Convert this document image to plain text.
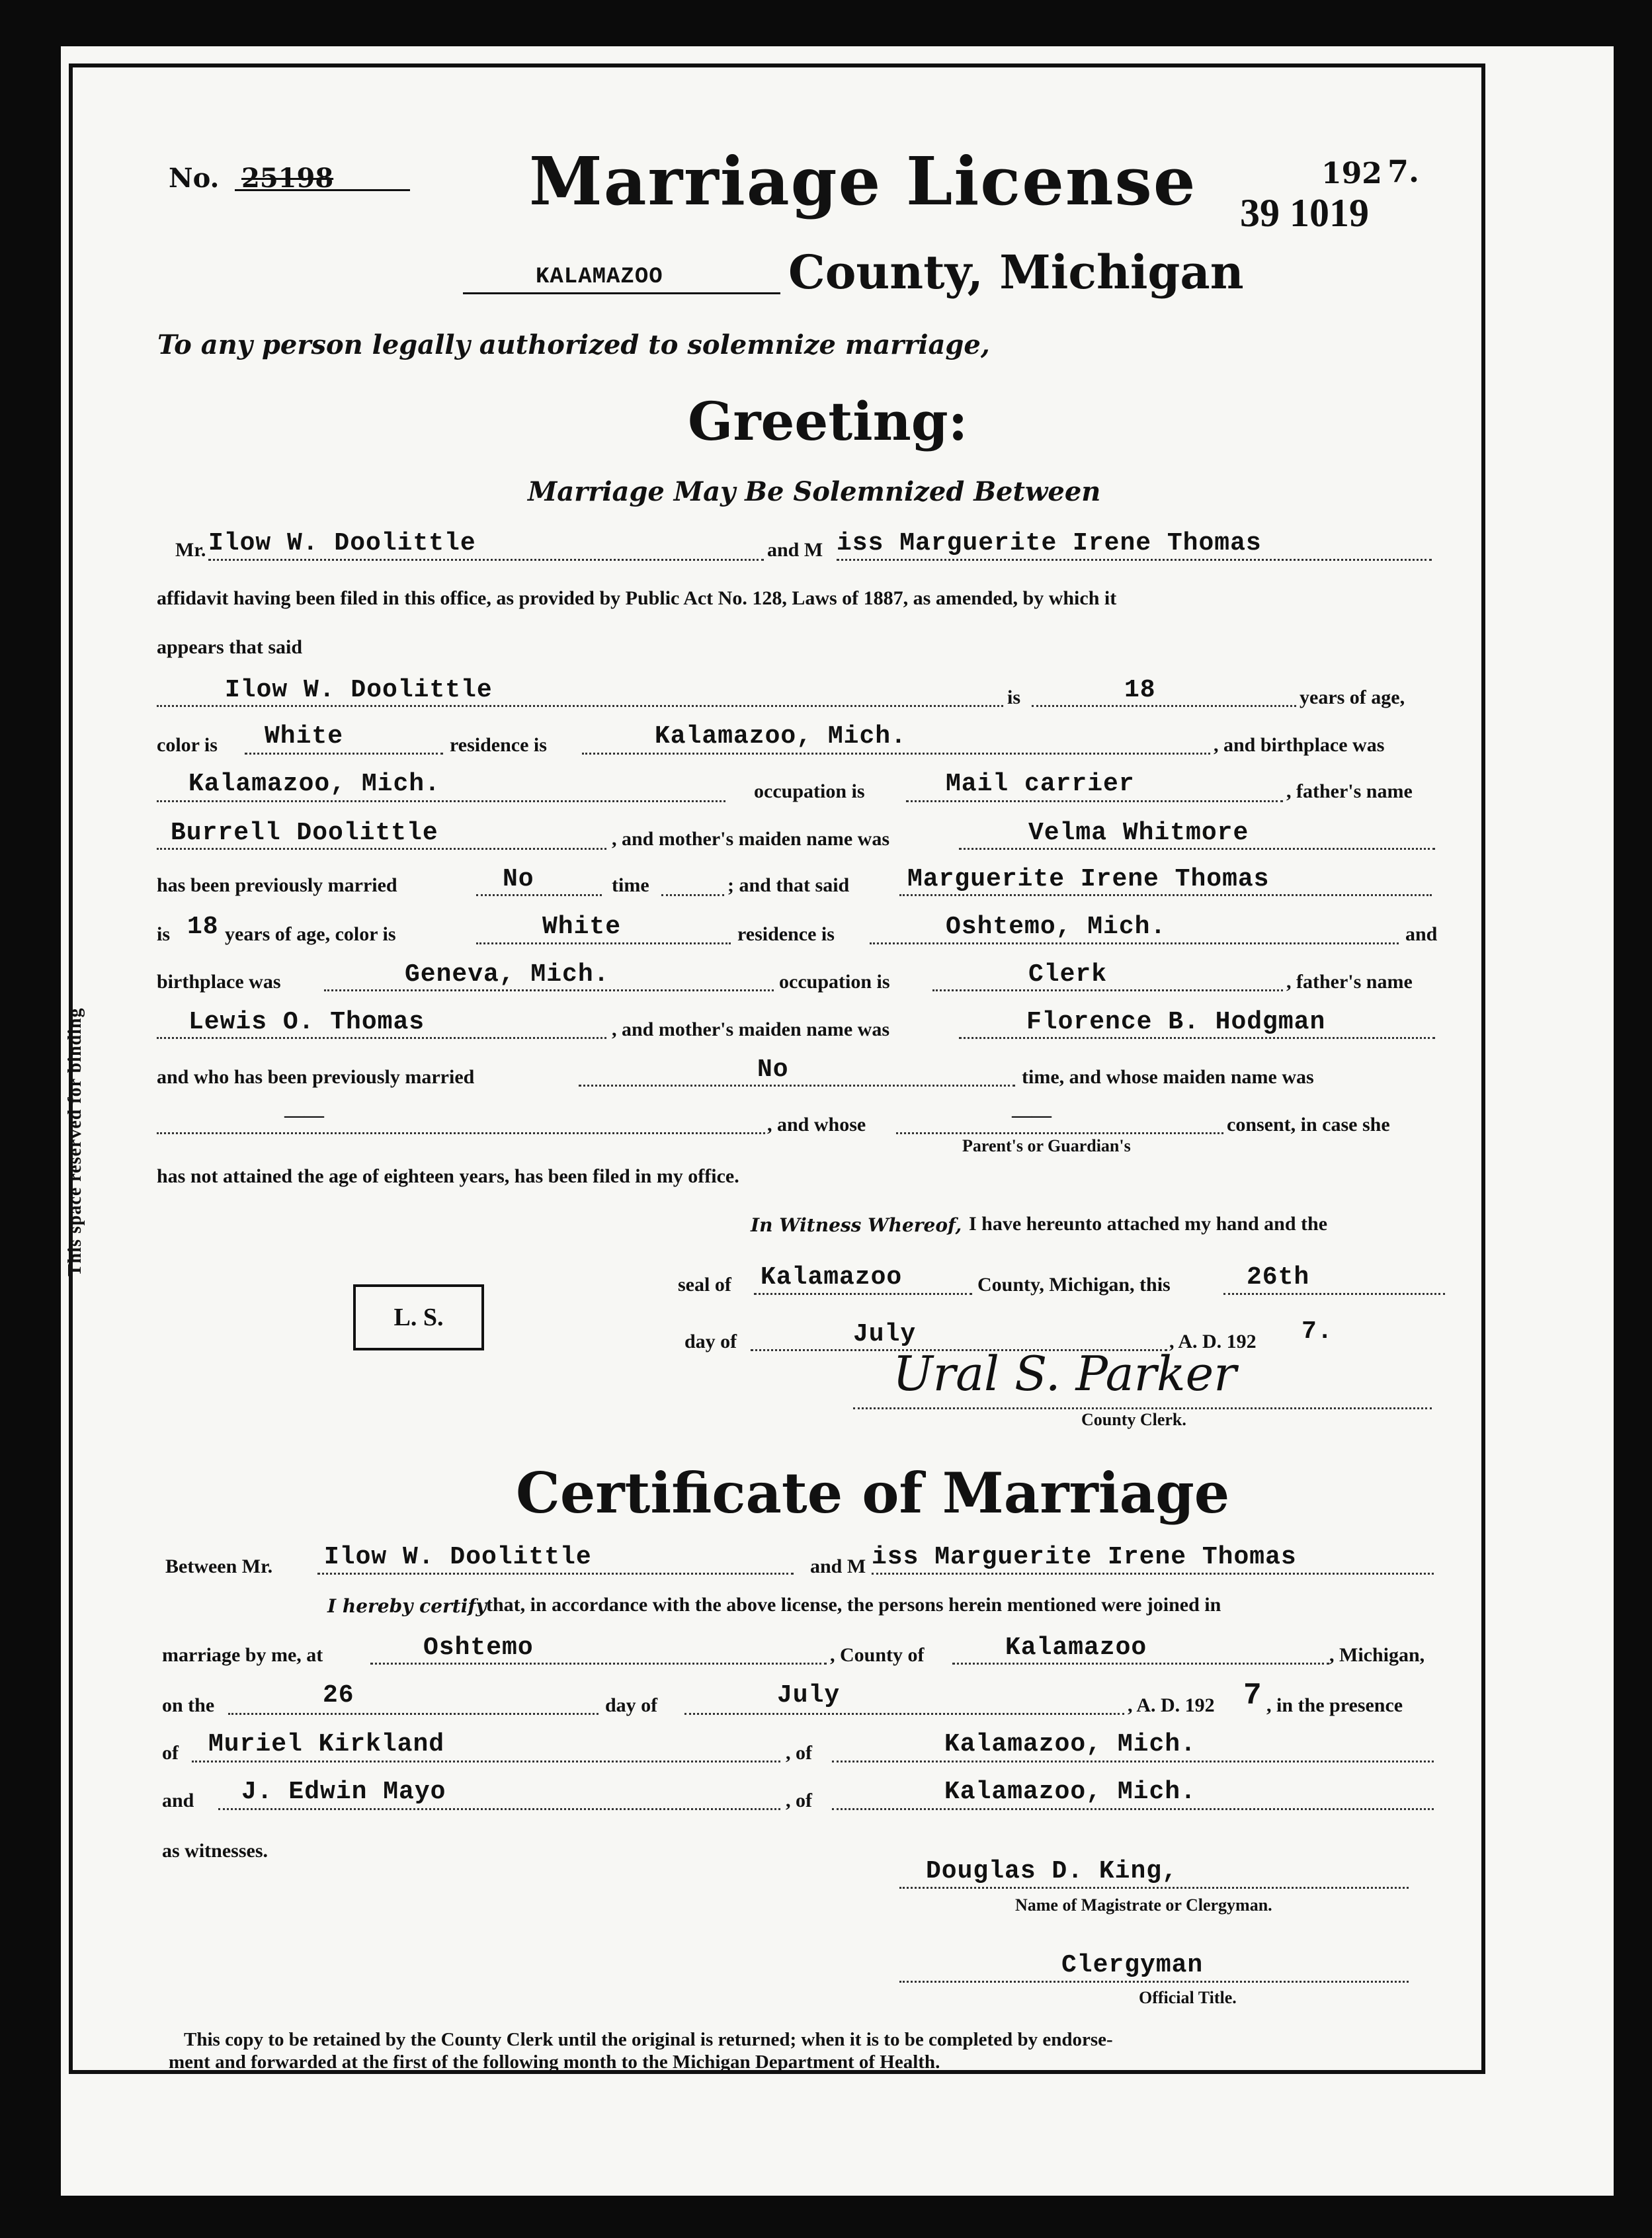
This space reserved for binding
No. 25198	Marriage License	192 7.
39 1019
KALAMAZOO	County, Michigan
To any person legally authorized to solemnize marriage,
Greeting:
Marriage May Be Solemnized Between
Mr. Ilow W. Doolittle	and M iss Marguerite Irene Thomas
affidavit having been filed in this office, as provided by Public Act No. 128, Laws of 1887, as amended, by which it
appears that said
Ilow W. Doolittle	is	18	years of age,
color is White	residence is	Kalamazoo, Mich.	, and birthplace was
Kalamazoo, Mich.	occupation is	Mail carrier	, father's name
Burrell Doolittle	, and mother's maiden name was	Velma Whitmore
has been previously married	No	time	; and that said Marguerite Irene Thomas
is 18 years of age, color is	White	residence is	Oshtemo, Mich.	and
birthplace was	Geneva, Mich.	occupation is	Clerk	, father's name
Lewis O. Thomas	, and mother's maiden name was	Florence B. Hodgman
and who has been previously married	No	time, and whose maiden name was
——	, and whose	——	consent, in case she
Parent's or Guardian's
has not attained the age of eighteen years, has been filed in my office.
In Witness Whereof, I have hereunto attached my hand and the
seal of Kalamazoo	County, Michigan, this	26th
L. S.
day of	July	, A. D. 192 7.
Ural S. Parker
County Clerk.
Certificate of Marriage
Between Mr. Ilow W. Doolittle	and M iss Marguerite Irene Thomas
I hereby certify that, in accordance with the above license, the persons herein mentioned were joined in
marriage by me, at	Oshtemo	, County of	Kalamazoo	, Michigan,
on the	26	day of	July	, A. D. 192 7 , in the presence
of Muriel Kirkland	, of	Kalamazoo, Mich.
and J. Edwin Mayo	, of	Kalamazoo, Mich.
as witnesses.
Douglas D. King,
Name of Magistrate or Clergyman.
Clergyman
Official Title.
This copy to be retained by the County Clerk until the original is returned; when it is to be completed by endorse-
ment and forwarded at the first of the following month to the Michigan Department of Health.
